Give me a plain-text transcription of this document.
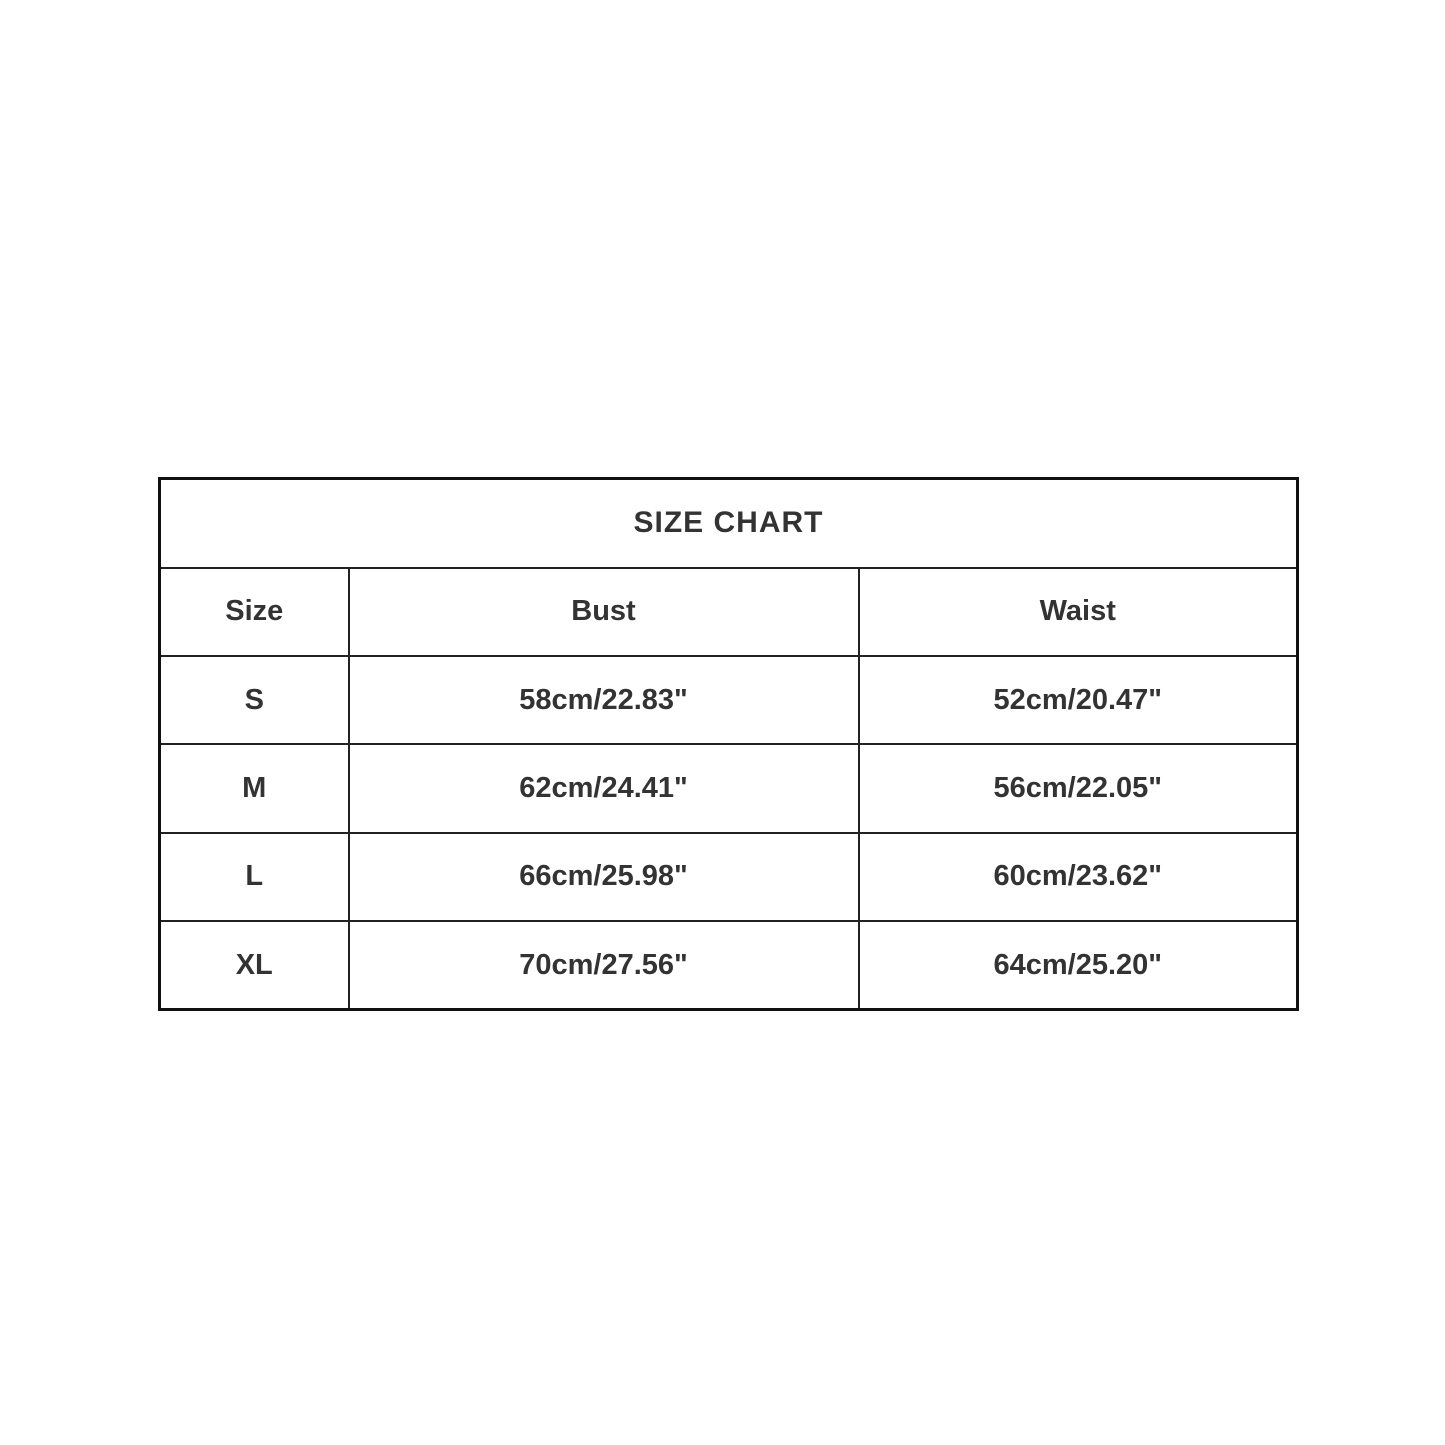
SIZE CHART		
Size	Bust	Waist
S	58cm/22.83"	52cm/20.47"
M	62cm/24.41"	56cm/22.05"
L	66cm/25.98"	60cm/23.62"
XL	70cm/27.56"	64cm/25.20"
